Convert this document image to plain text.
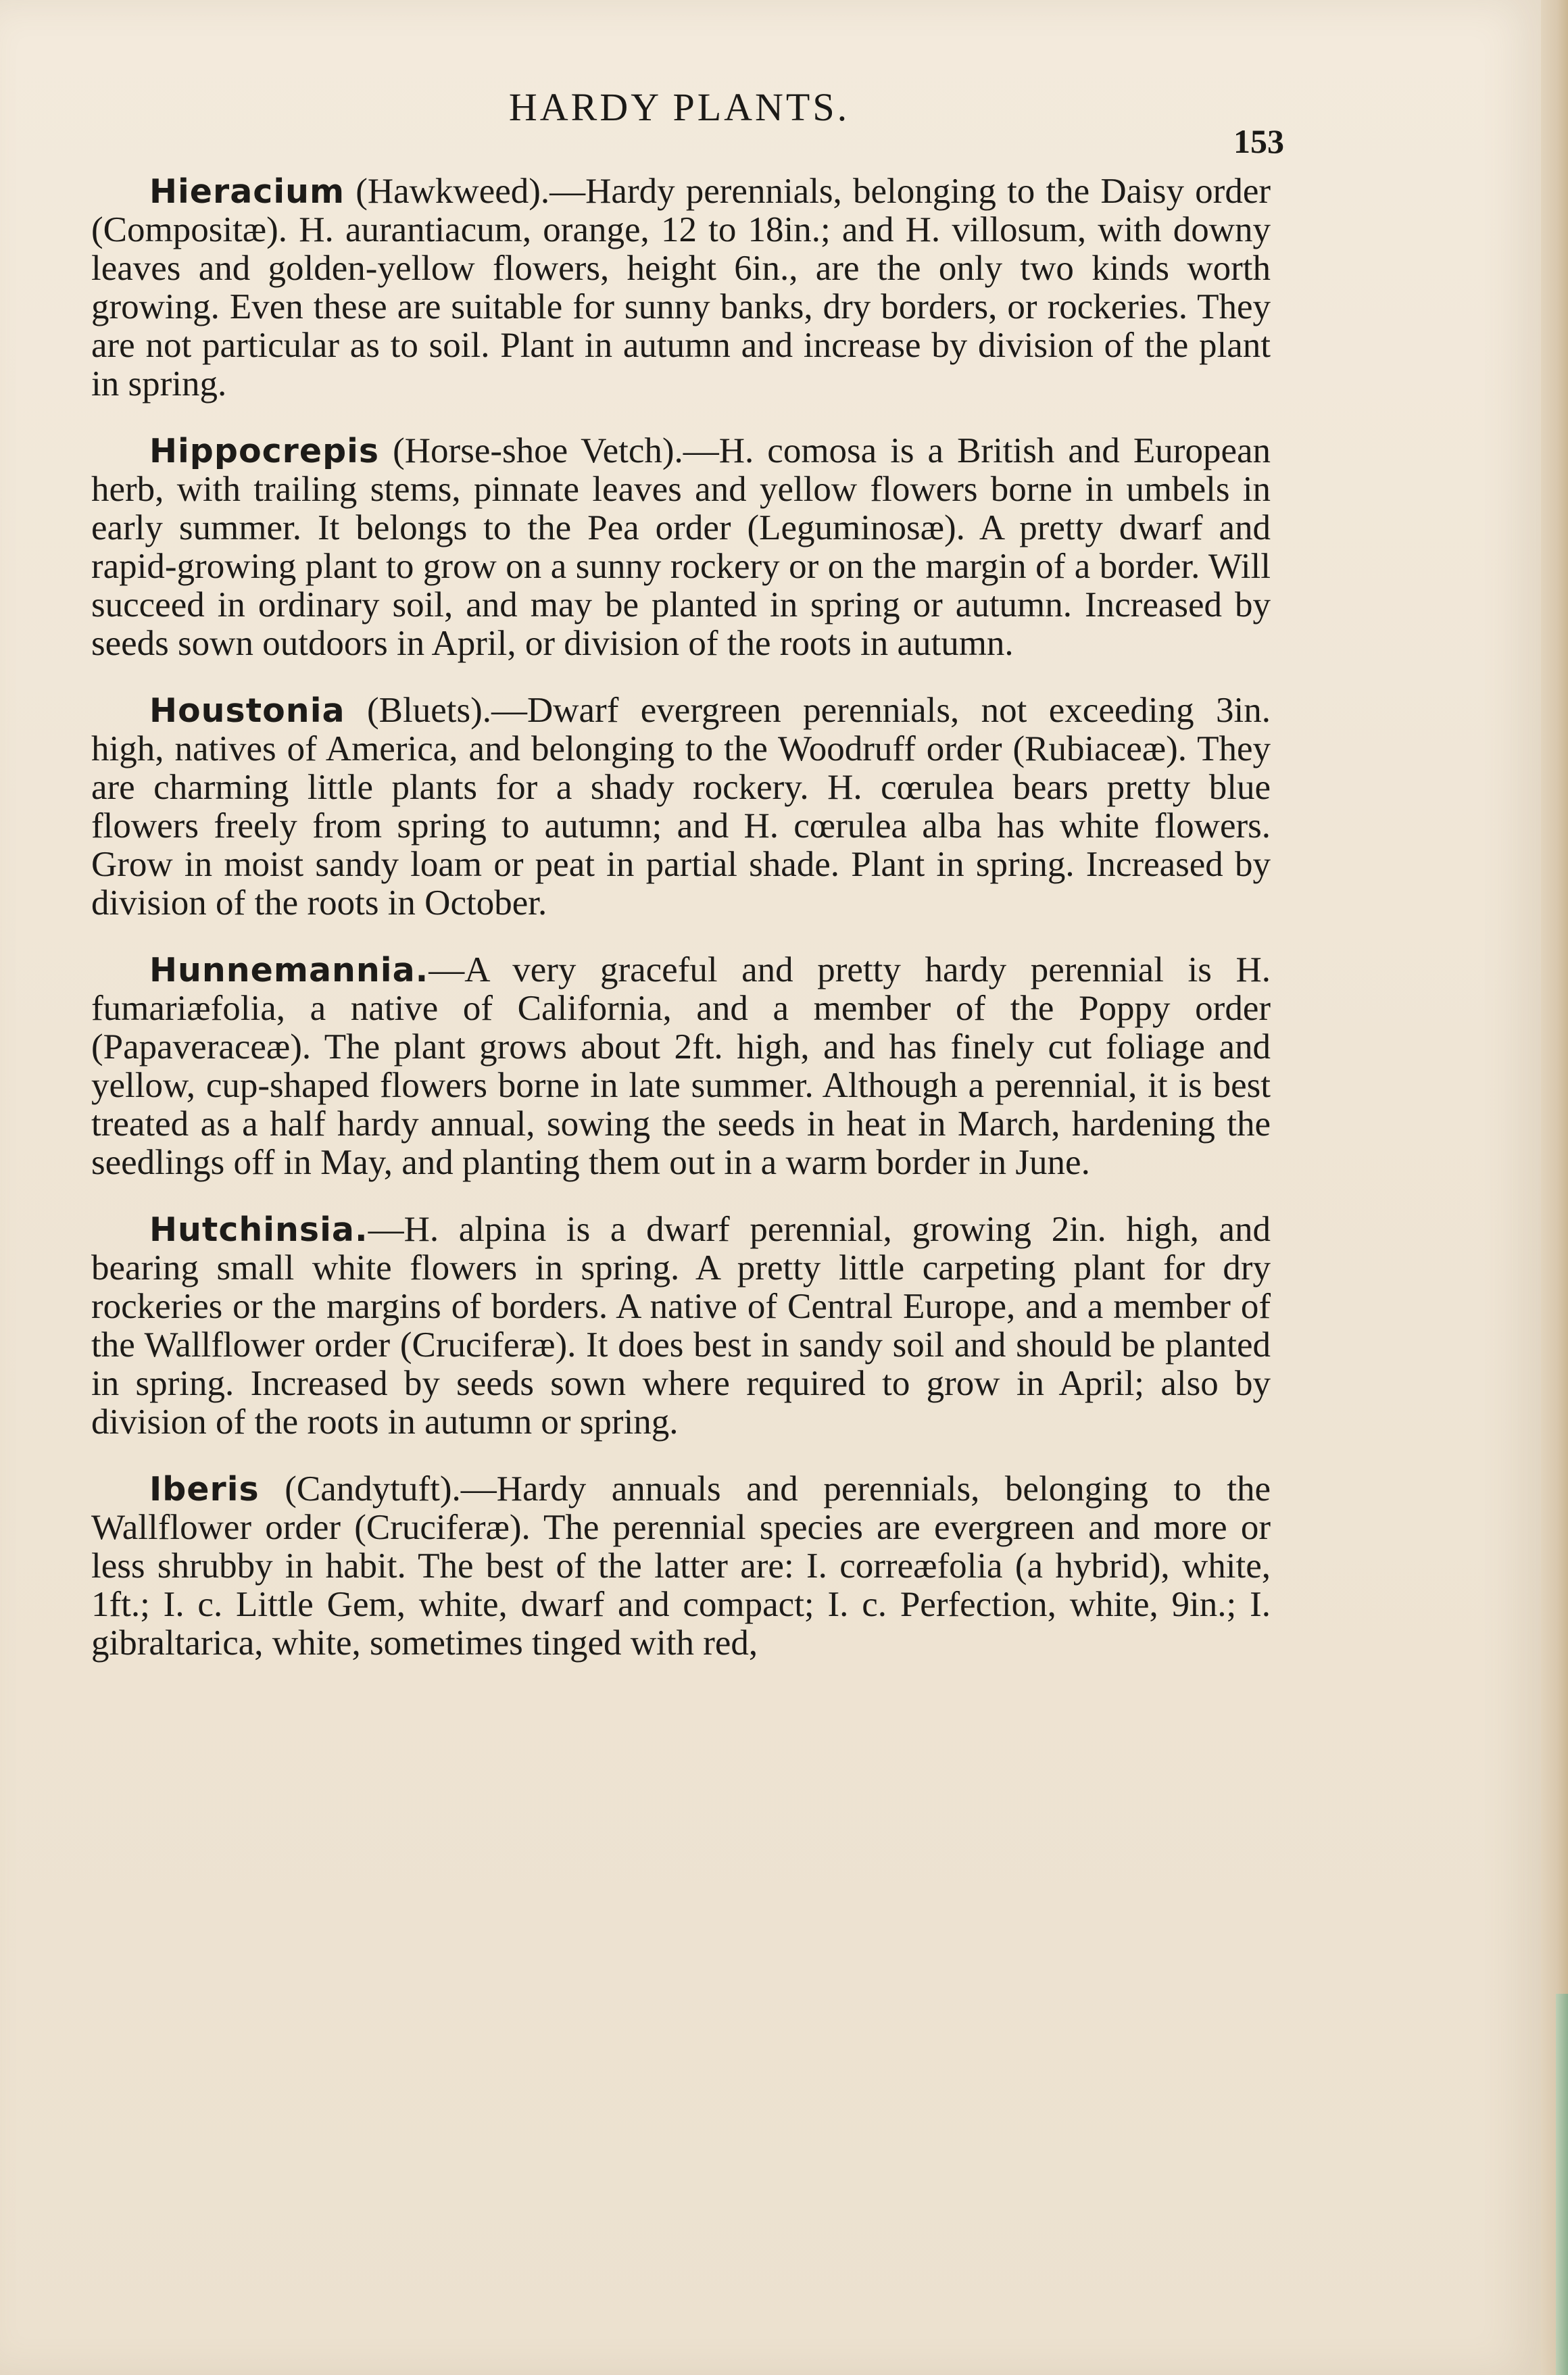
HARDY PLANTS.
153

Hieracium (Hawkweed).—Hardy perennials, belonging to the Daisy order (Compositæ). H. aurantiacum, orange, 12 to 18in.; and H. villosum, with downy leaves and golden-yellow flowers, height 6in., are the only two kinds worth growing. Even these are suitable for sunny banks, dry borders, or rockeries. They are not particular as to soil. Plant in autumn and increase by division of the plant in spring.

Hippocrepis (Horse-shoe Vetch).—H. comosa is a British and European herb, with trailing stems, pinnate leaves and yellow flowers borne in umbels in early summer. It belongs to the Pea order (Leguminosæ). A pretty dwarf and rapid-growing plant to grow on a sunny rockery or on the margin of a border. Will succeed in ordinary soil, and may be planted in spring or autumn. Increased by seeds sown outdoors in April, or division of the roots in autumn.

Houstonia (Bluets).—Dwarf evergreen perennials, not exceeding 3in. high, natives of America, and belonging to the Woodruff order (Rubiaceæ). They are charming little plants for a shady rockery. H. cœrulea bears pretty blue flowers freely from spring to autumn; and H. cœrulea alba has white flowers. Grow in moist sandy loam or peat in partial shade. Plant in spring. Increased by division of the roots in October.

Hunnemannia.—A very graceful and pretty hardy perennial is H. fumariæfolia, a native of California, and a member of the Poppy order (Papaveraceæ). The plant grows about 2ft. high, and has finely cut foliage and yellow, cup-shaped flowers borne in late summer. Although a perennial, it is best treated as a half hardy annual, sowing the seeds in heat in March, hardening the seedlings off in May, and planting them out in a warm border in June.

Hutchinsia.—H. alpina is a dwarf perennial, growing 2in. high, and bearing small white flowers in spring. A pretty little carpeting plant for dry rockeries or the margins of borders. A native of Central Europe, and a member of the Wallflower order (Cruciferæ). It does best in sandy soil and should be planted in spring. Increased by seeds sown where required to grow in April; also by division of the roots in autumn or spring.

Iberis (Candytuft).—Hardy annuals and perennials, belonging to the Wallflower order (Cruciferæ). The perennial species are evergreen and more or less shrubby in habit. The best of the latter are: I. correæfolia (a hybrid), white, 1ft.; I. c. Little Gem, white, dwarf and compact; I. c. Perfection, white, 9in.; I. gibraltarica, white, sometimes tinged with red,
